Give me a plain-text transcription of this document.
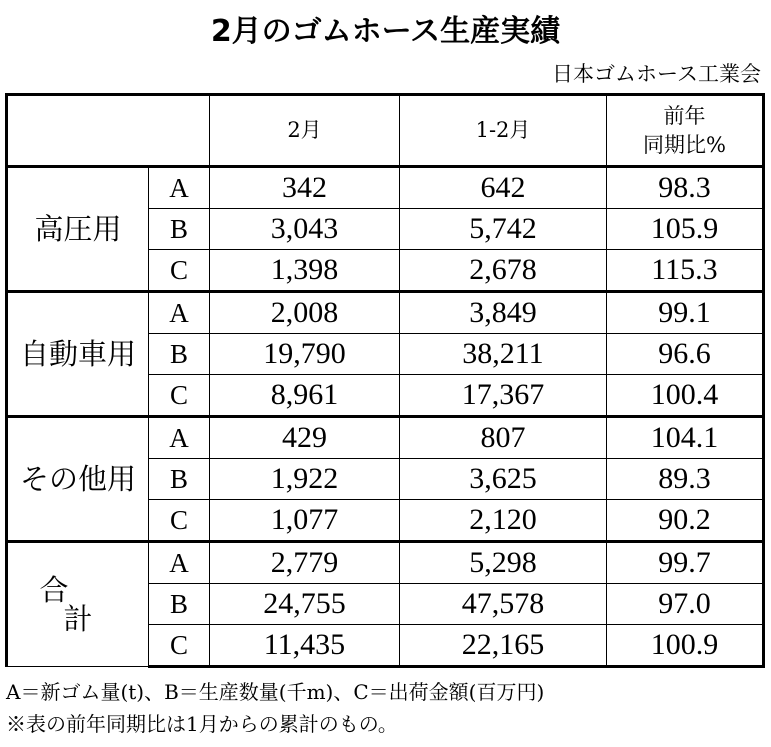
2月のゴムホース生産実績
日本ゴムホース工業会
		2月	1-2月	前年
同期比%

高圧用	A	342	642	98.3
	B	3,043	5,742	105.9
	C	1,398	2,678	115.3
自動車用	A	2,008	3,849	99.1
	B	19,790	38,211	96.6
	C	8,961	17,367	100.4
その他用	A	429	807	104.1
	B	1,922	3,625	89.3
	C	1,077	2,120	90.2
合計	A	2,779	5,298	99.7
	B	24,755	47,578	97.0
	C	11,435	22,165	100.9
A＝新ゴム量(t)、B＝生産数量(千m)、C＝出荷金額(百万円)
※表の前年同期比は1月からの累計のもの。
